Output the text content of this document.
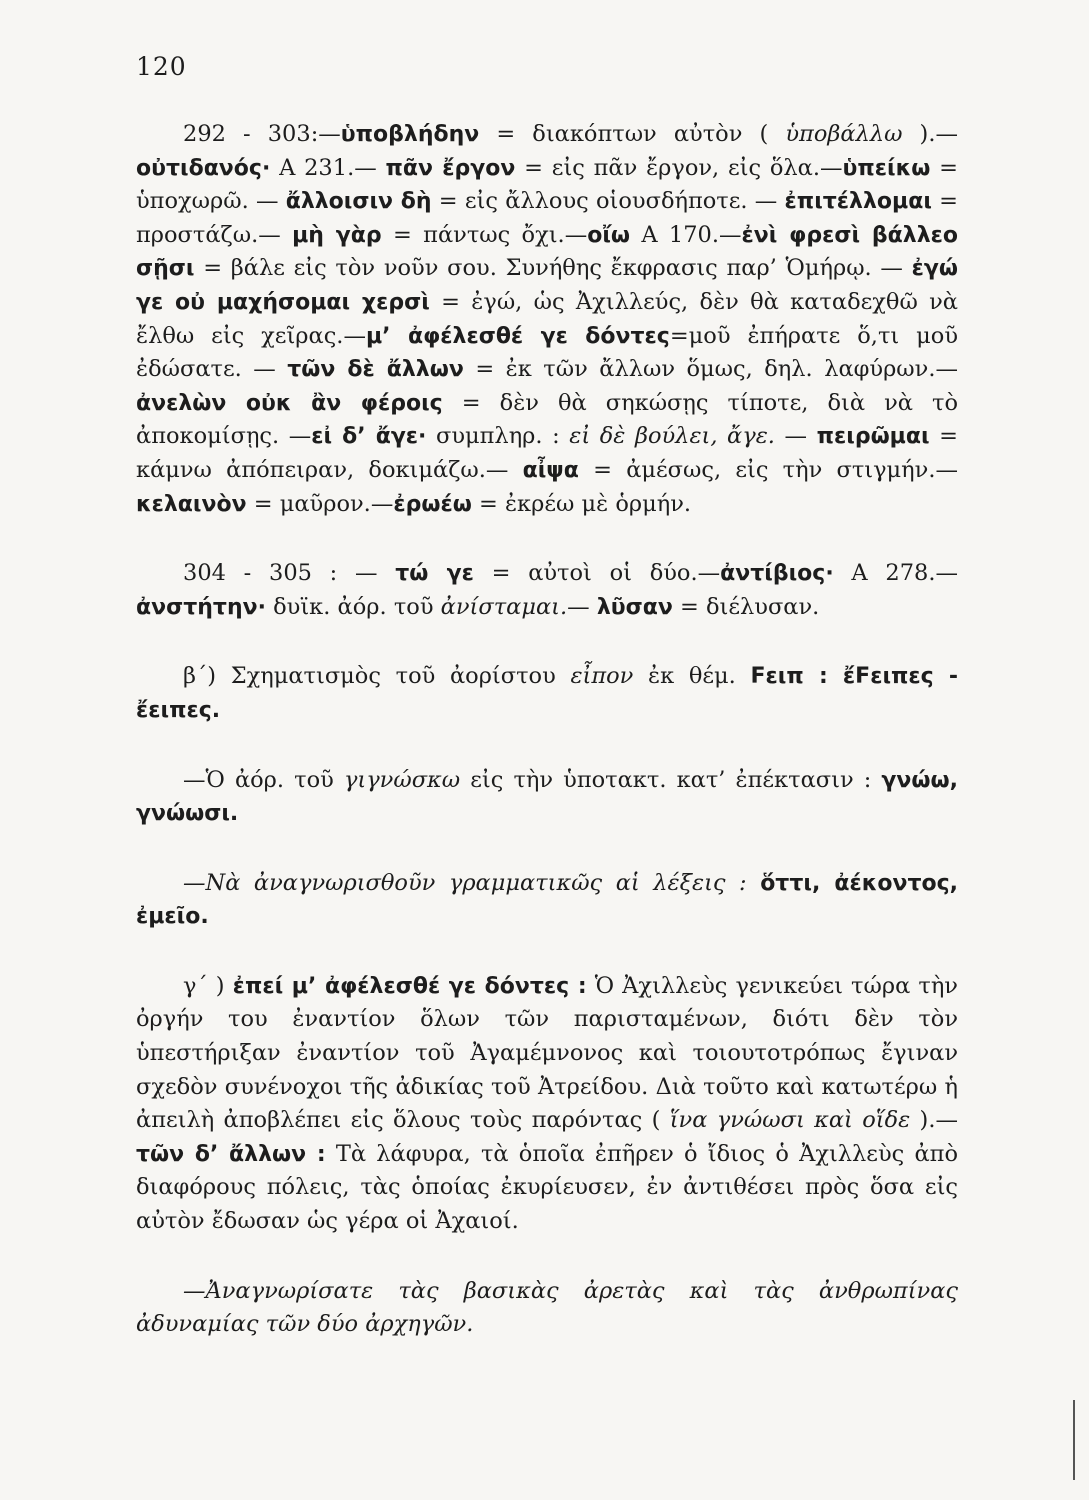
120

292 - 303:—ὑποβλήδην = διακόπτων αὐτὸν ( ὑποβάλλω ).—οὐτιδανός· A 231.— πᾶν ἔργον = εἰς πᾶν ἔργον, εἰς ὅλα.—ὑπείκω = ὑποχωρῶ. — ἄλλοισιν δὴ = εἰς ἄλλους οἱουσδήποτε. — ἐπιτέλλομαι = προστάζω.— μὴ γὰρ = πάντως ὄχι.—οἴω A 170.—ἐνὶ φρεσὶ βάλλεο σῇσι = βάλε εἰς τὸν νοῦν σου. Συνήθης ἔκφρασις παρ’ Ὁμήρῳ. — ἐγώ γε οὐ μαχήσομαι χερσὶ = ἐγώ, ὡς Ἀχιλλεύς, δὲν θὰ καταδεχθῶ νὰ ἔλθω εἰς χεῖρας.—μ’ ἀφέλεσθέ γε δόντες=μοῦ ἐπήρατε ὅ,τι μοῦ ἐδώσατε. — τῶν δὲ ἄλλων = ἐκ τῶν ἄλλων ὅμως, δηλ. λαφύρων.— ἀνελὼν οὐκ ἂν φέροις = δὲν θὰ σηκώσῃς τίποτε, διὰ νὰ τὸ ἀποκομίσῃς. —εἰ δ’ ἄγε· συμπληρ. : εἰ δὲ βούλει, ἄγε. — πειρῶμαι = κάμνω ἀπόπειραν, δοκιμάζω.— αἶψα = ἀμέσως, εἰς τὴν στιγμήν.—κελαινὸν = μαῦρον.—ἐρωέω = ἐκρέω μὲ ὁρμήν.

304 - 305 : — τώ γε = αὐτοὶ οἱ δύο.—ἀντίβιος· A 278.—ἀνστήτην· δυϊκ. ἀόρ. τοῦ ἀνίσταμαι.— λῦσαν = διέλυσαν.

β΄) Σχηματισμὸς τοῦ ἀορίστου εἶπον ἐκ θέμ. Ϝειπ : ἔϜειπες - ἔειπες.

—Ὁ ἀόρ. τοῦ γιγνώσκω εἰς τὴν ὑποτακτ. κατ’ ἐπέκτασιν : γνώω, γνώωσι.

—Νὰ ἀναγνωρισθοῦν γραμματικῶς αἱ λέξεις : ὅττι, ἀέκοντος, ἐμεῖο.

γ΄ ) ἐπεί μ’ ἀφέλεσθέ γε δόντες : Ὁ Ἀχιλλεὺς γενικεύει τώρα τὴν ὀργήν του ἐναντίον ὅλων τῶν παρισταμένων, διότι δὲν τὸν ὑπεστήριξαν ἐναντίον τοῦ Ἀγαμέμνονος καὶ τοιουτοτρόπως ἔγιναν σχεδὸν συνένοχοι τῆς ἀδικίας τοῦ Ἀτρείδου. Διὰ τοῦτο καὶ κατωτέρω ἡ ἀπειλὴ ἀποβλέπει εἰς ὅλους τοὺς παρόντας ( ἵνα γνώωσι καὶ οἵδε ).— τῶν δ’ ἄλλων : Τὰ λάφυρα, τὰ ὁποῖα ἐπῆρεν ὁ ἴδιος ὁ Ἀχιλλεὺς ἀπὸ διαφόρους πόλεις, τὰς ὁποίας ἐκυρίευσεν, ἐν ἀντιθέσει πρὸς ὅσα εἰς αὐτὸν ἔδωσαν ὡς γέρα οἱ Ἀχαιοί.

—Ἀναγνωρίσατε τὰς βασικὰς ἀρετὰς καὶ τὰς ἀνθρωπίνας ἀδυναμίας τῶν δύο ἀρχηγῶν.
